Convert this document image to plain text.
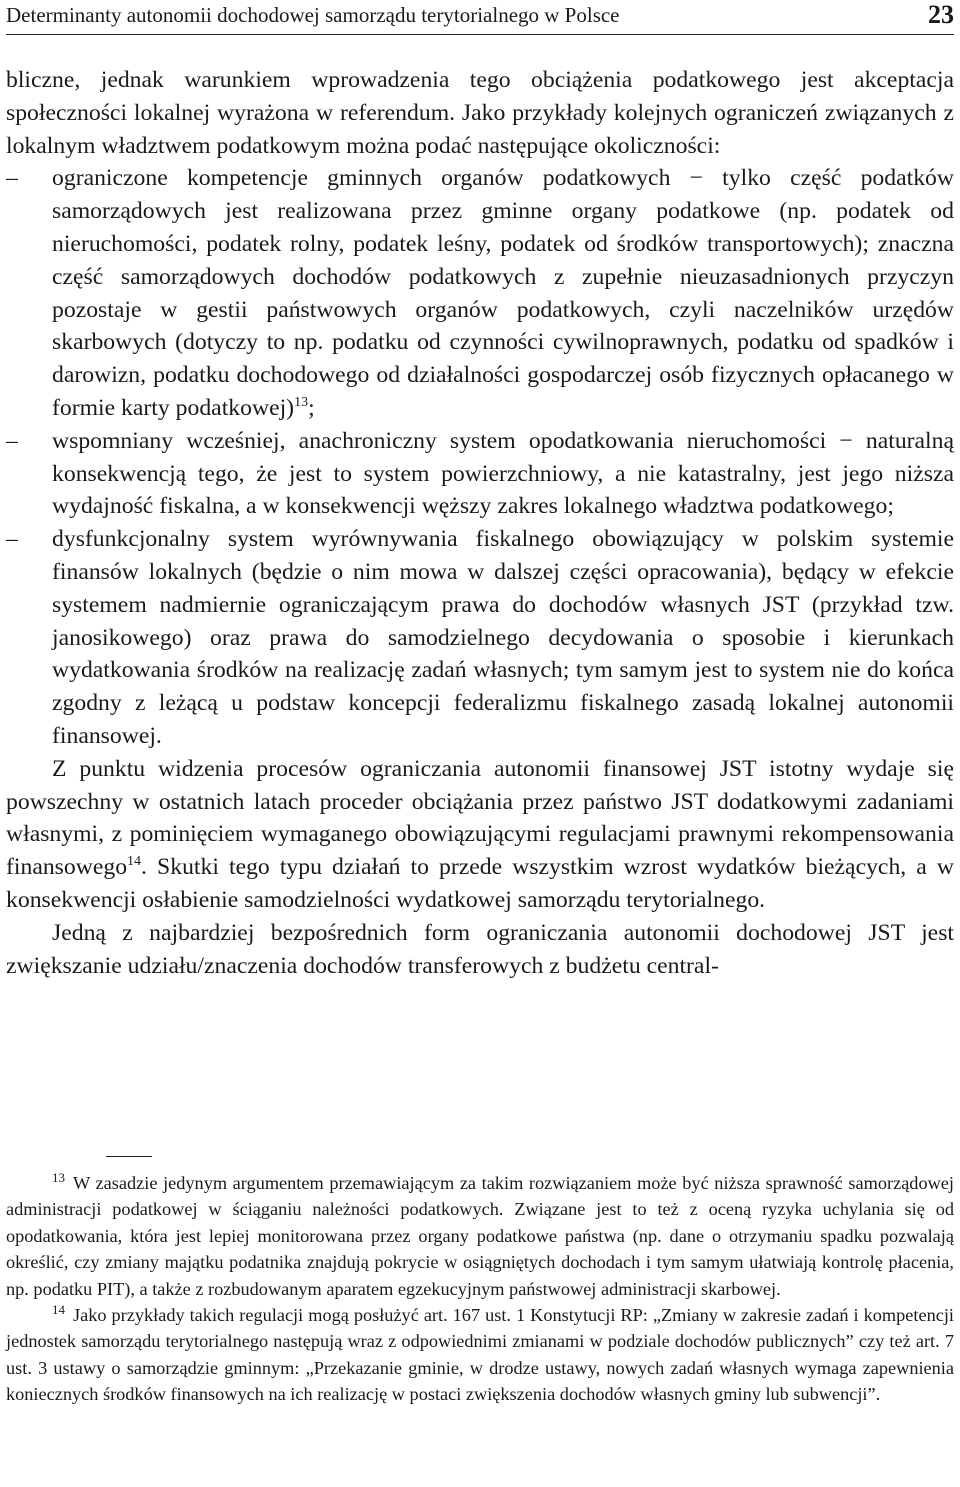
Determinanty autonomii dochodowej samorządu terytorialnego w Polsce	23

bliczne, jednak warunkiem wprowadzenia tego obciążenia podatkowego jest akceptacja społeczności lokalnej wyrażona w referendum. Jako przykłady kolejnych ograniczeń związanych z lokalnym władztwem podatkowym można podać następujące okoliczności:

– ograniczone kompetencje gminnych organów podatkowych − tylko część podatków samorządowych jest realizowana przez gminne organy podatkowe (np. podatek od nieruchomości, podatek rolny, podatek leśny, podatek od środków transportowych); znaczna część samorządowych dochodów podatkowych z zupełnie nieuzasadnionych przyczyn pozostaje w gestii państwowych organów podatkowych, czyli naczelników urzędów skarbowych (dotyczy to np. podatku od czynności cywilnoprawnych, podatku od spadków i darowizn, podatku dochodowego od działalności gospodarczej osób fizycznych opłacanego w formie karty podatkowej)$^{13}$;
– wspomniany wcześniej, anachroniczny system opodatkowania nieruchomości − naturalną konsekwencją tego, że jest to system powierzchniowy, a nie katastralny, jest jego niższa wydajność fiskalna, a w konsekwencji węższy zakres lokalnego władztwa podatkowego;
– dysfunkcjonalny system wyrównywania fiskalnego obowiązujący w polskim systemie finansów lokalnych (będzie o nim mowa w dalszej części opracowania), będący w efekcie systemem nadmiernie ograniczającym prawa do dochodów własnych JST (przykład tzw. janosikowego) oraz prawa do samodzielnego decydowania o sposobie i kierunkach wydatkowania środków na realizację zadań własnych; tym samym jest to system nie do końca zgodny z leżącą u podstaw koncepcji federalizmu fiskalnego zasadą lokalnej autonomii finansowej.

Z punktu widzenia procesów ograniczania autonomii finansowej JST istotny wydaje się powszechny w ostatnich latach proceder obciążania przez państwo JST dodatkowymi zadaniami własnymi, z pominięciem wymaganego obowiązującymi regulacjami prawnymi rekompensowania finansowego$^{14}$. Skutki tego typu działań to przede wszystkim wzrost wydatków bieżących, a w konsekwencji osłabienie samodzielności wydatkowej samorządu terytorialnego.

Jedną z najbardziej bezpośrednich form ograniczania autonomii dochodowej JST jest zwiększanie udziału/znaczenia dochodów transferowych z budżetu central-

$^{13}$ W zasadzie jedynym argumentem przemawiającym za takim rozwiązaniem może być niższa sprawność samorządowej administracji podatkowej w ściąganiu należności podatkowych. Związane jest to też z oceną ryzyka uchylania się od opodatkowania, która jest lepiej monitorowana przez organy podatkowe państwa (np. dane o otrzymaniu spadku pozwalają określić, czy zmiany majątku podatnika znajdują pokrycie w osiągniętych dochodach i tym samym ułatwiają kontrolę płacenia, np. podatku PIT), a także z rozbudowanym aparatem egzekucyjnym państwowej administracji skarbowej.

$^{14}$ Jako przykłady takich regulacji mogą posłużyć art. 167 ust. 1 Konstytucji RP: „Zmiany w zakresie zadań i kompetencji jednostek samorządu terytorialnego następują wraz z odpowiednimi zmianami w podziale dochodów publicznych” czy też art. 7 ust. 3 ustawy o samorządzie gminnym: „Przekazanie gminie, w drodze ustawy, nowych zadań własnych wymaga zapewnienia koniecznych środków finansowych na ich realizację w postaci zwiększenia dochodów własnych gminy lub subwencji”.
